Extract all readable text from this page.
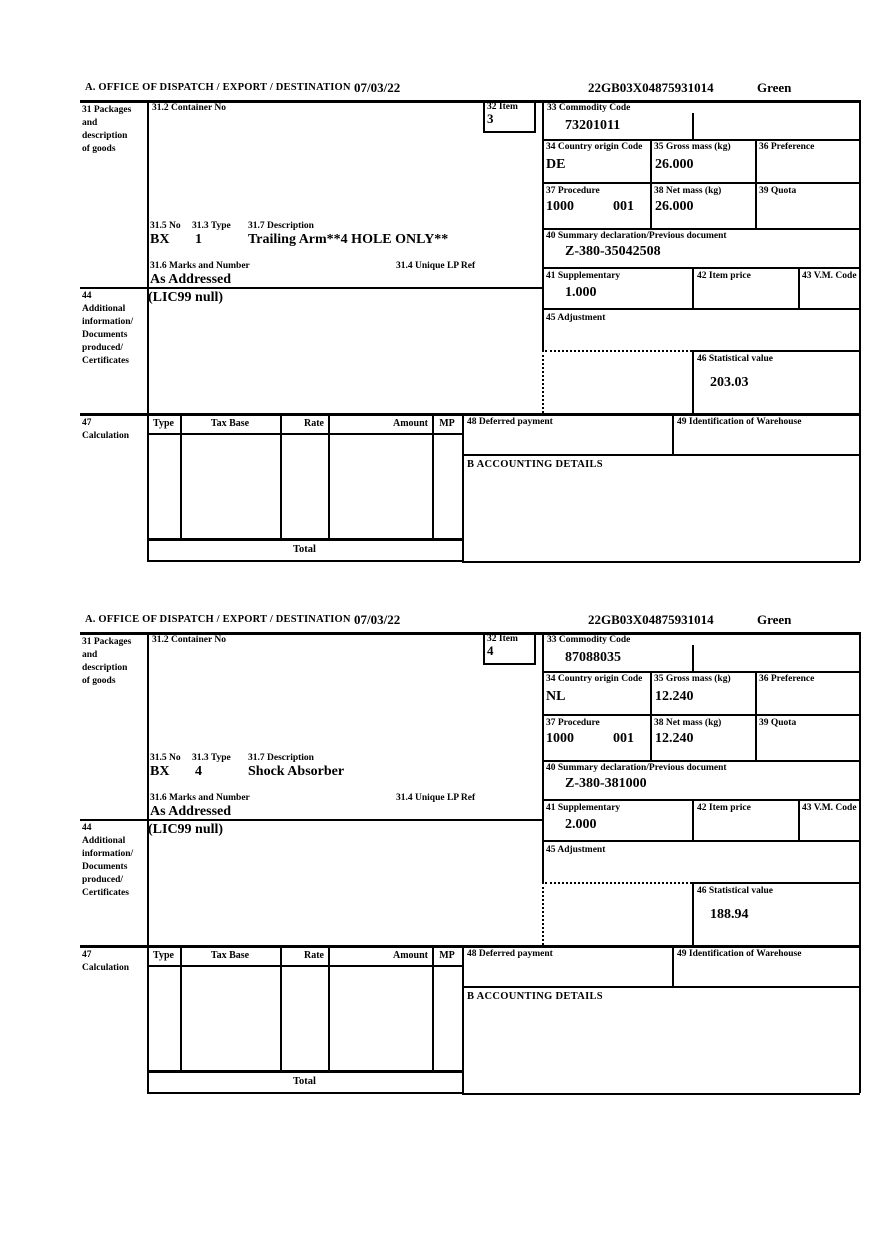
A. OFFICE OF DISPATCH / EXPORT / DESTINATION 07/03/22	22GB03X04875931014	Green
31 Packages
and
description
of goods
44
Additional
information/
Documents
produced/
Certificates
47
Calculation
31.2 Container No	32 Item
3
31.5 No 31.3 Type 31.7 Description
BX 1	Trailing Arm**4 HOLE ONLY**
31.6 Marks and Number	31.4 Unique LP Ref
As Addressed
(LIC99 null)
33 Commodity Code
73201011
34 Country origin Code
DE
35 Gross mass (kg)
26.000
36 Preference
37 Procedure
1000	001
38 Net mass (kg)
26.000
39 Quota
40 Summary declaration/Previous document
Z-380-35042508
41 Supplementary
1.000
42 Item price	43 V.M. Code
45 Adjustment
46 Statistical value
203.03
Type	Tax Base	Rate	Amount	MP
Total
48 Deferred payment	49 Identification of Warehouse
B ACCOUNTING DETAILS
A. OFFICE OF DISPATCH / EXPORT / DESTINATION 07/03/22	22GB03X04875931014	Green
31 Packages
and
description
of goods
44
Additional
information/
Documents
produced/
Certificates
47
Calculation
31.2 Container No	32 Item
4
31.5 No 31.3 Type 31.7 Description
BX 4	Shock Absorber
31.6 Marks and Number	31.4 Unique LP Ref
As Addressed
(LIC99 null)
33 Commodity Code
87088035
34 Country origin Code
NL
35 Gross mass (kg)
12.240
36 Preference
37 Procedure
1000	001
38 Net mass (kg)
12.240
39 Quota
40 Summary declaration/Previous document
Z-380-381000
41 Supplementary
2.000
42 Item price	43 V.M. Code
45 Adjustment
46 Statistical value
188.94
Type	Tax Base	Rate	Amount	MP
Total
48 Deferred payment	49 Identification of Warehouse
B ACCOUNTING DETAILS
